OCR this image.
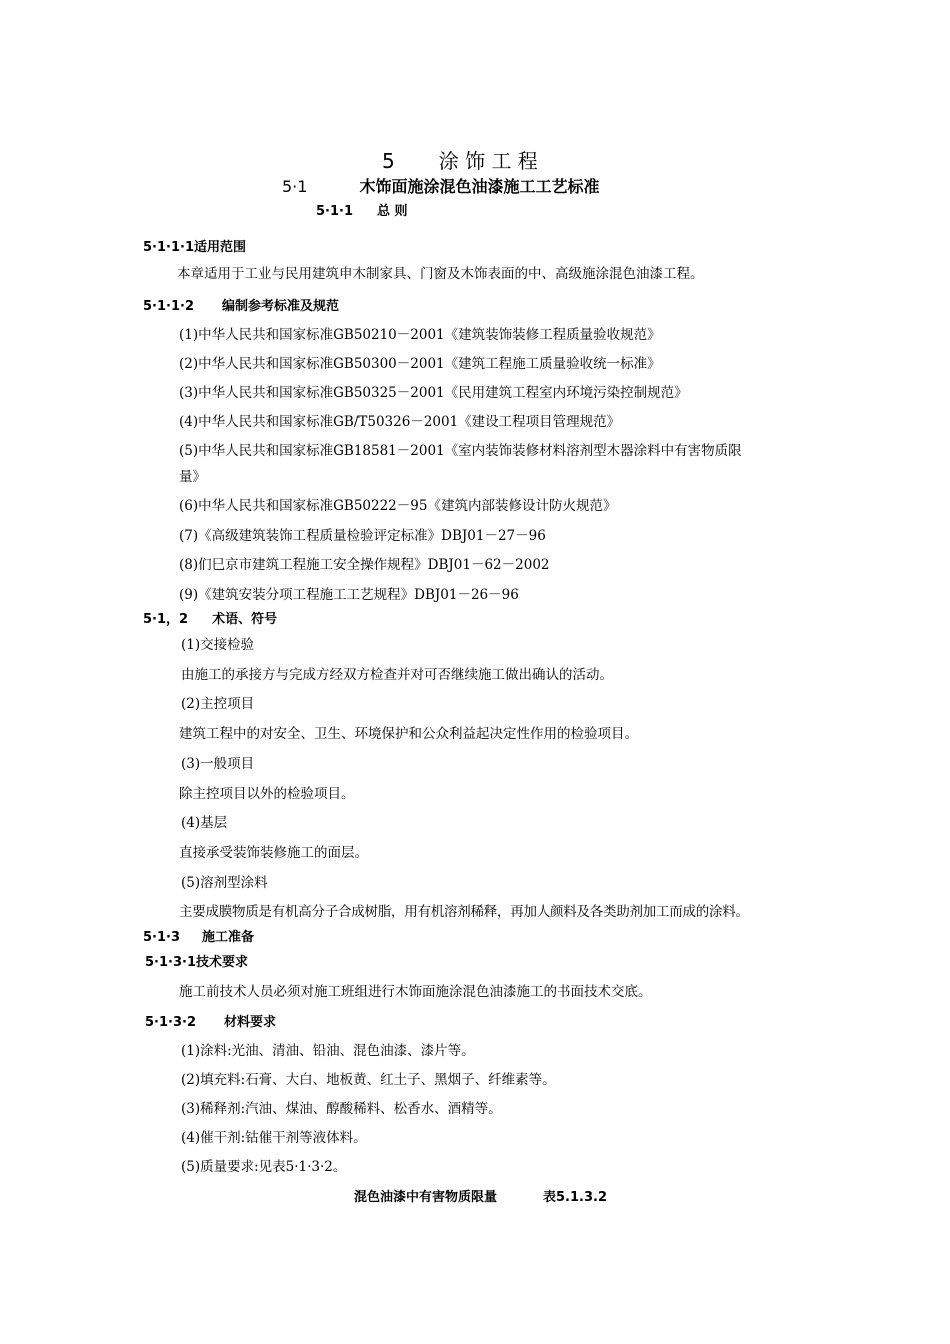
5 涂 饰 工 程
5·1	木饰面施涂混色油漆施工工艺标准
5·1·1 总 则
5·1·1·1适用范围
本章适用于工业与民用建筑申木制家具、门窗及木饰表面的中、高级施涂混色油漆工程。
5·1·1·2 编制参考标准及规范
(1)中华人民共和国家标准GB50210－2001《建筑装饰装修工程质量验收规范》
(2)中华人民共和国家标准GB50300－2001《建筑工程施工质量验收统一标准》
(3)中华人民共和国家标准GB50325－2001《民用建筑工程室内环境污染控制规范》
(4)中华人民共和国家标准GB/T50326－2001《建设工程项目管理规范》
(5)中华人民共和国家标准GB18581－2001《室内装饰装修材料溶剂型木器涂料中有害物质限
量》
(6)中华人民共和国家标准GB50222－95《建筑内部装修设计防火规范》
(7)《高级建筑装饰工程质量检验评定标准》DBJ01－27－96
(8)们巳京市建筑工程施工安全操作规程》DBJ01－62－2002
(9)《建筑安装分项工程施工工艺规程》DBJ01－26－96
5·1，2 术语、符号
(1)交接检验
由施工的承接方与完成方经双方检查并对可否继续施工做出确认的活动。
(2)主控项目
建筑工程中的对安全、卫生、环境保护和公众利益起决定性作用的检验项目。
(3)一般项目
除主控项目以外的检验项目。
(4)基层
直接承受装饰装修施工的面层。
(5)溶剂型涂料
主要成膜物质是有机高分子合成树脂，用有机溶剂稀释，再加人颜料及各类助剂加工而成的涂料。
5·1·3 施工准备
5·1·3·1技术要求
施工前技术人员必须对施工班组进行木饰面施涂混色油漆施工的书面技术交底。
5·1·3·2 材料要求
(1)涂料:光油、清油、铅油、混色油漆、漆片等。
(2)填充料:石膏、大白、地板黄、红土子、黑烟子、纤维素等。
(3)稀释剂:汽油、煤油、醇酸稀料、松香水、酒精等。
(4)催干剂:钴催干剂等液体料。
(5)质量要求:见表5·1·3·2。
混色油漆中有害物质限量	表5.1.3.2
